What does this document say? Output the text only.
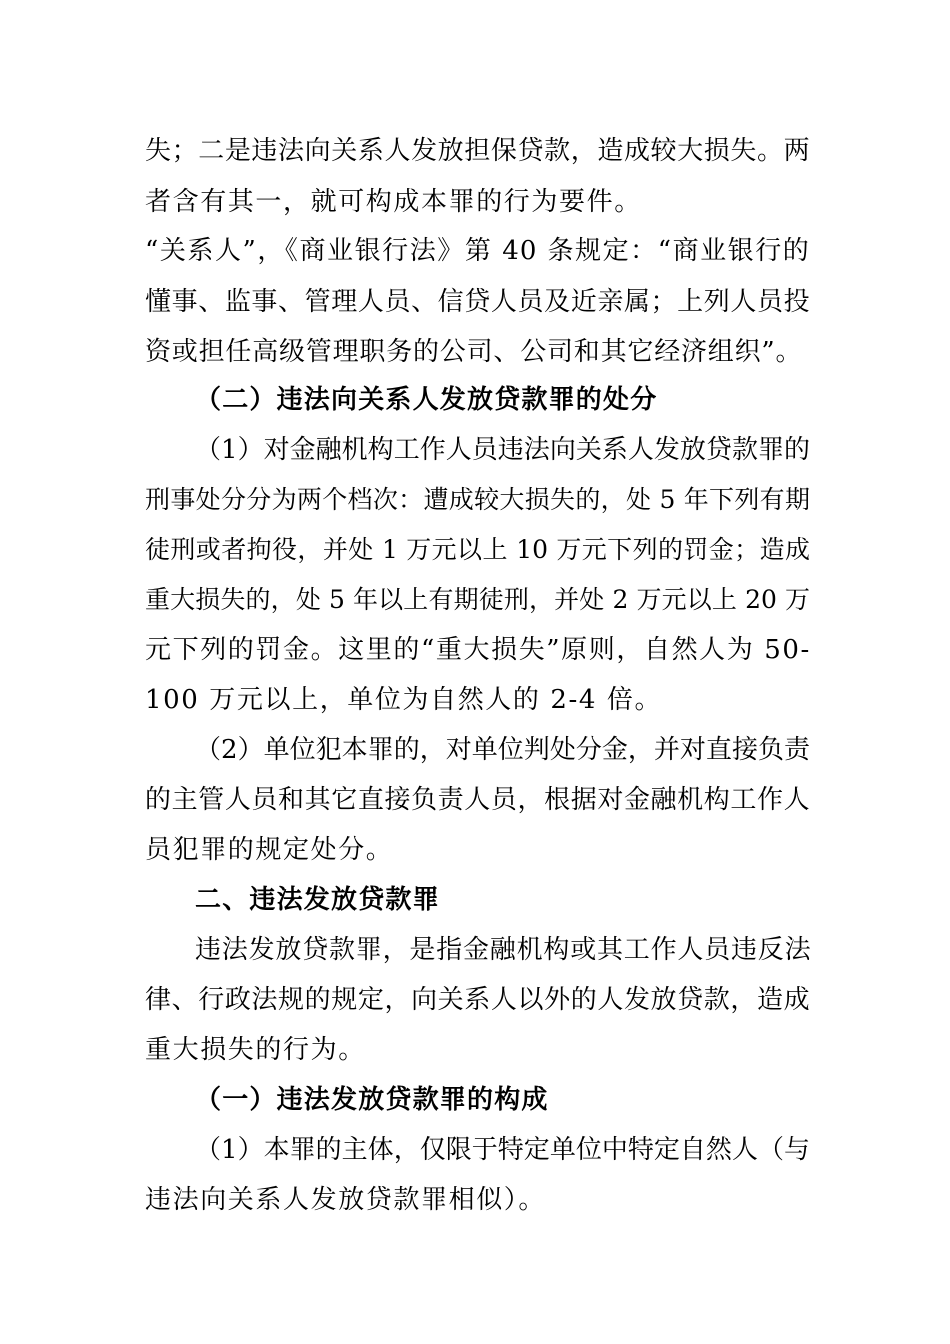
失；二是违法向关系人发放担保贷款，造成较大损失。两
者含有其一，就可构成本罪的行为要件。
“关系人”，《商业银行法》第 40 条规定：“商业银行的
懂事、监事、管理人员、信贷人员及近亲属；上列人员投
资或担任高级管理职务的公司、公司和其它经济组织”。
（二）违法向关系人发放贷款罪的处分
（1）对金融机构工作人员违法向关系人发放贷款罪的
刑事处分分为两个档次：遭成较大损失的，处 5 年下列有期
徒刑或者拘役，并处 1 万元以上 10 万元下列的罚金；造成
重大损失的，处 5 年以上有期徒刑，并处 2 万元以上 20 万
元下列的罚金。这里的“重大损失”原则，自然人为 50-
100 万元以上，单位为自然人的 2-4 倍。
（2）单位犯本罪的，对单位判处分金，并对直接负责
的主管人员和其它直接负责人员，根据对金融机构工作人
员犯罪的规定处分。
二、违法发放贷款罪
违法发放贷款罪，是指金融机构或其工作人员违反法
律、行政法规的规定，向关系人以外的人发放贷款，造成
重大损失的行为。
（一）违法发放贷款罪的构成
（1）本罪的主体，仅限于特定单位中特定自然人（与
违法向关系人发放贷款罪相似）。
